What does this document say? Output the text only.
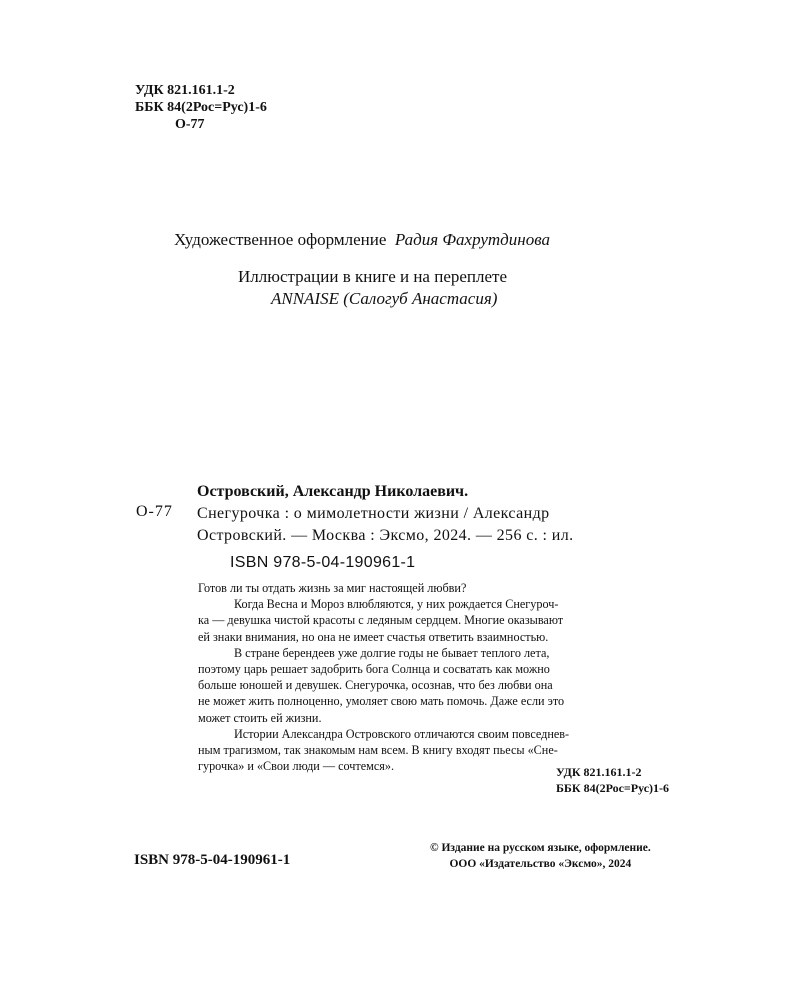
УДК 821.161.1-2
ББК 84(2Рос=Рус)1-6
О-77
Художественное оформление Радия Фахрутдинова
Иллюстрации в книге и на переплете
ANNAISE (Салогуб Анастасия)
Островский, Александр Николаевич.
О-77 Снегурочка : о мимолетности жизни / Александр
Островский. — Москва : Эксмо, 2024. — 256 с. : ил.
ISBN 978-5-04-190961-1

Готов ли ты отдать жизнь за миг настоящей любви?

Когда Весна и Мороз влюбляются, у них рождается Снегуроч-

ка — девушка чистой красоты с ледяным сердцем. Многие оказывают

ей знаки внимания, но она не имеет счастья ответить взаимностью.

В стране берендеев уже долгие годы не бывает теплого лета,

поэтому царь решает задобрить бога Солнца и сосватать как можно

больше юношей и девушек. Снегурочка, осознав, что без любви она

не может жить полноценно, умоляет свою мать помочь. Даже если это

может стоить ей жизни.

Истории Александра Островского отличаются своим повседнев-

ным трагизмом, так знакомым нам всем. В книгу входят пьесы «Сне-

гурочка» и «Свои люди — сочтемся».	УДК 821.161.1-2
ББК 84(2Рос=Рус)1-6
ISBN 978-5-04-190961-1
© Издание на русском языке, оформление.
ООО «Издательство «Эксмо», 2024
